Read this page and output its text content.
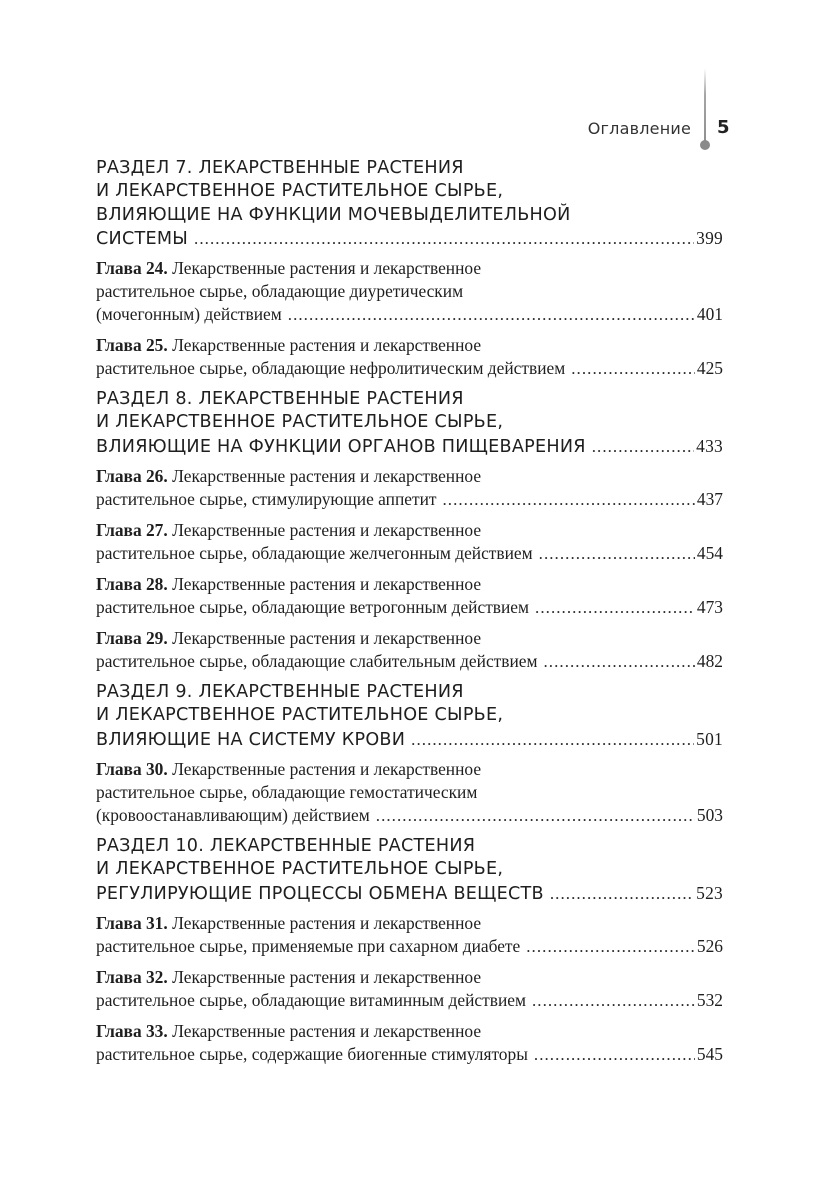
Оглавление 5
РАЗДЕЛ 7. ЛЕКАРСТВЕННЫЕ РАСТЕНИЯ
И ЛЕКАРСТВЕННОЕ РАСТИТЕЛЬНОЕ СЫРЬЕ,
ВЛИЯЮЩИЕ НА ФУНКЦИИ МОЧЕВЫДЕЛИТЕЛЬНОЙ
СИСТЕМЫ . . .	399
Глава 24. Лекарственные растения и лекарственное
растительное сырье, обладающие диуретическим
(мочегонным) действием . . .	401
Глава 25. Лекарственные растения и лекарственное
растительное сырье, обладающие нефролитическим действием . . .	425
РАЗДЕЛ 8. ЛЕКАРСТВЕННЫЕ РАСТЕНИЯ
И ЛЕКАРСТВЕННОЕ РАСТИТЕЛЬНОЕ СЫРЬЕ,
ВЛИЯЮЩИЕ НА ФУНКЦИИ ОРГАНОВ ПИЩЕВАРЕНИЯ . . .	433
Глава 26. Лекарственные растения и лекарственное
растительное сырье, стимулирующие аппетит . . .	437
Глава 27. Лекарственные растения и лекарственное
растительное сырье, обладающие желчегонным действием . . .	454
Глава 28. Лекарственные растения и лекарственное
растительное сырье, обладающие ветрогонным действием . . .	473
Глава 29. Лекарственные растения и лекарственное
растительное сырье, обладающие слабительным действием . . .	482
РАЗДЕЛ 9. ЛЕКАРСТВЕННЫЕ РАСТЕНИЯ
И ЛЕКАРСТВЕННОЕ РАСТИТЕЛЬНОЕ СЫРЬЕ,
ВЛИЯЮЩИЕ НА СИСТЕМУ КРОВИ . . .	501
Глава 30. Лекарственные растения и лекарственное
растительное сырье, обладающие гемостатическим
(кровоостанавливающим) действием . . .	503
РАЗДЕЛ 10. ЛЕКАРСТВЕННЫЕ РАСТЕНИЯ
И ЛЕКАРСТВЕННОЕ РАСТИТЕЛЬНОЕ СЫРЬЕ,
РЕГУЛИРУЮЩИЕ ПРОЦЕССЫ ОБМЕНА ВЕЩЕСТВ . . .	523
Глава 31. Лекарственные растения и лекарственное
растительное сырье, применяемые при сахарном диабете . . .	526
Глава 32. Лекарственные растения и лекарственное
растительное сырье, обладающие витаминным действием . . .	532
Глава 33. Лекарственные растения и лекарственное
растительное сырье, содержащие биогенные стимуляторы . . .	545
